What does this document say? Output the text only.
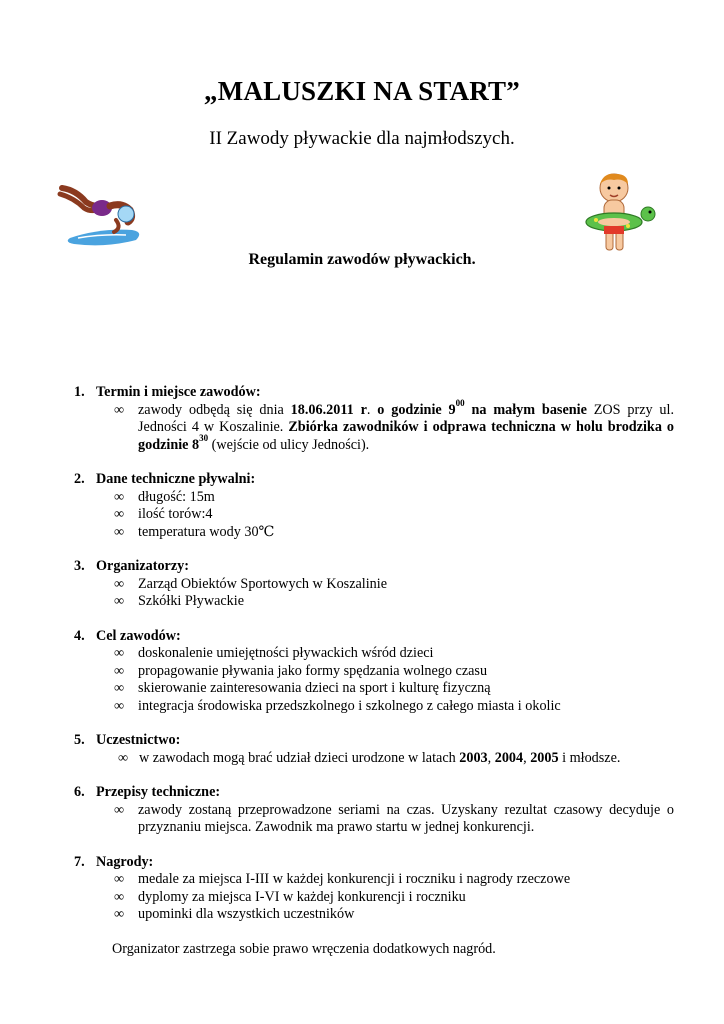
„MALUSZKI NA START”
II Zawody pływackie dla najmłodszych.
Regulamin zawodów pływackich.
1. Termin i miejsce zawodów:
∞ zawody odbędą się dnia 18.06.2011 r. o godzinie $9^{00}$ na małym basenie ZOS przy ul. Jedności 4 w Koszalinie. Zbiórka zawodników i odprawa techniczna w holu brodzika o godzinie $8^{30}$ (wejście od ulicy Jedności).
2. Dane techniczne pływalni:
∞ długość: 15m
∞ ilość torów:4
∞ temperatura wody 30℃
3. Organizatorzy:
∞ Zarząd Obiektów Sportowych w Koszalinie
∞ Szkółki Pływackie
4. Cel zawodów:
∞ doskonalenie umiejętności pływackich wśród dzieci
∞ propagowanie pływania jako formy spędzania wolnego czasu
∞ skierowanie zainteresowania dzieci na sport i kulturę fizyczną
∞ integracja środowiska przedszkolnego i szkolnego z całego miasta i okolic
5. Uczestnictwo:
∞ w zawodach mogą brać udział dzieci urodzone w latach 2003, 2004, 2005 i młodsze.
6. Przepisy techniczne:
∞ zawody zostaną przeprowadzone seriami na czas. Uzyskany rezultat czasowy decyduje o przyznaniu miejsca. Zawodnik ma prawo startu w jednej konkurencji.
7. Nagrody:
∞ medale za miejsca I-III w każdej konkurencji i roczniku i nagrody rzeczowe
∞ dyplomy za miejsca I-VI w każdej konkurencji i roczniku
∞ upominki dla wszystkich uczestników
Organizator zastrzega sobie prawo wręczenia dodatkowych nagród.
